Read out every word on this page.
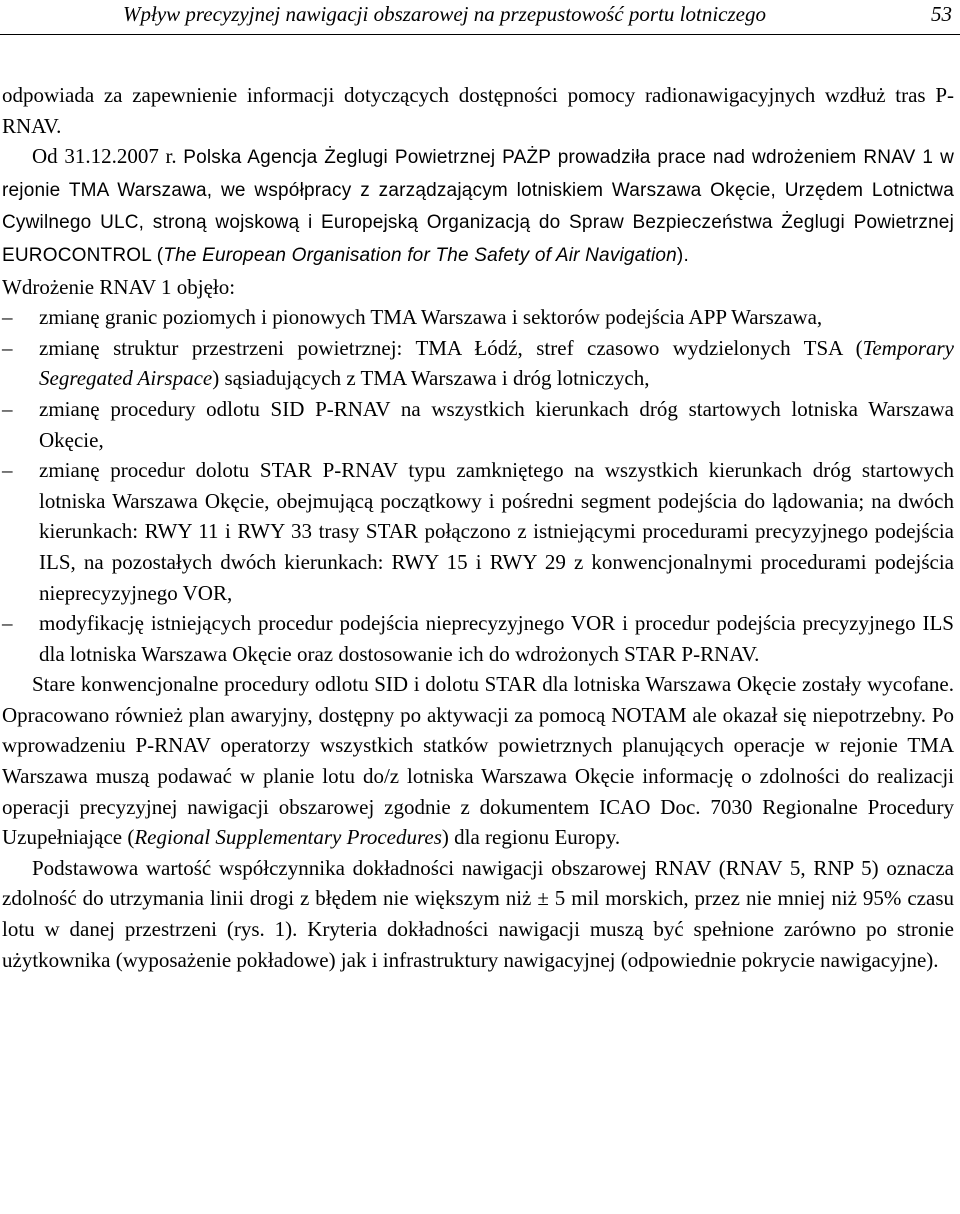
Wpływ precyzyjnej nawigacji obszarowej na przepustowość portu lotniczego	53

odpowiada za zapewnienie informacji dotyczących dostępności pomocy radionawigacyjnych wzdłuż tras P-RNAV.

Od 31.12.2007 r. Polska Agencja Żeglugi Powietrznej PAŻP prowadziła prace nad wdrożeniem RNAV 1 w rejonie TMA Warszawa, we współpracy z zarządzającym lotniskiem Warszawa Okęcie, Urzędem Lotnictwa Cywilnego ULC, stroną wojskową i Europejską Organizacją do Spraw Bezpieczeństwa Żeglugi Powietrznej EUROCONTROL (The European Organisation for The Safety of Air Navigation).

Wdrożenie RNAV 1 objęło:

– zmianę granic poziomych i pionowych TMA Warszawa i sektorów podejścia APP Warszawa,
– zmianę struktur przestrzeni powietrznej: TMA Łódź, stref czasowo wydzielonych TSA (Temporary Segregated Airspace) sąsiadujących z TMA Warszawa i dróg lotniczych,
– zmianę procedury odlotu SID P-RNAV na wszystkich kierunkach dróg startowych lotniska Warszawa Okęcie,
– zmianę procedur dolotu STAR P-RNAV typu zamkniętego na wszystkich kierunkach dróg startowych lotniska Warszawa Okęcie, obejmującą początkowy i pośredni segment podejścia do lądowania; na dwóch kierunkach: RWY 11 i RWY 33 trasy STAR połączono z istniejącymi procedurami precyzyjnego podejścia ILS, na pozostałych dwóch kierunkach: RWY 15 i RWY 29 z konwencjonalnymi procedurami podejścia nieprecyzyjnego VOR,
– modyfikację istniejących procedur podejścia nieprecyzyjnego VOR i procedur podejścia precyzyjnego ILS dla lotniska Warszawa Okęcie oraz dostosowanie ich do wdrożonych STAR P-RNAV.

Stare konwencjonalne procedury odlotu SID i dolotu STAR dla lotniska Warszawa Okęcie zostały wycofane. Opracowano również plan awaryjny, dostępny po aktywacji za pomocą NOTAM ale okazał się niepotrzebny. Po wprowadzeniu P-RNAV operatorzy wszystkich statków powietrznych planujących operacje w rejonie TMA Warszawa muszą podawać w planie lotu do/z lotniska Warszawa Okęcie informację o zdolności do realizacji operacji precyzyjnej nawigacji obszarowej zgodnie z dokumentem ICAO Doc. 7030 Regionalne Procedury Uzupełniające (Regional Supplementary Procedures) dla regionu Europy.

Podstawowa wartość współczynnika dokładności nawigacji obszarowej RNAV (RNAV 5, RNP 5) oznacza zdolność do utrzymania linii drogi z błędem nie większym niż ± 5 mil morskich, przez nie mniej niż 95% czasu lotu w danej przestrzeni (rys. 1). Kryteria dokładności nawigacji muszą być spełnione zarówno po stronie użytkownika (wyposażenie pokładowe) jak i infrastruktury nawigacyjnej (odpowiednie pokrycie nawigacyjne).
